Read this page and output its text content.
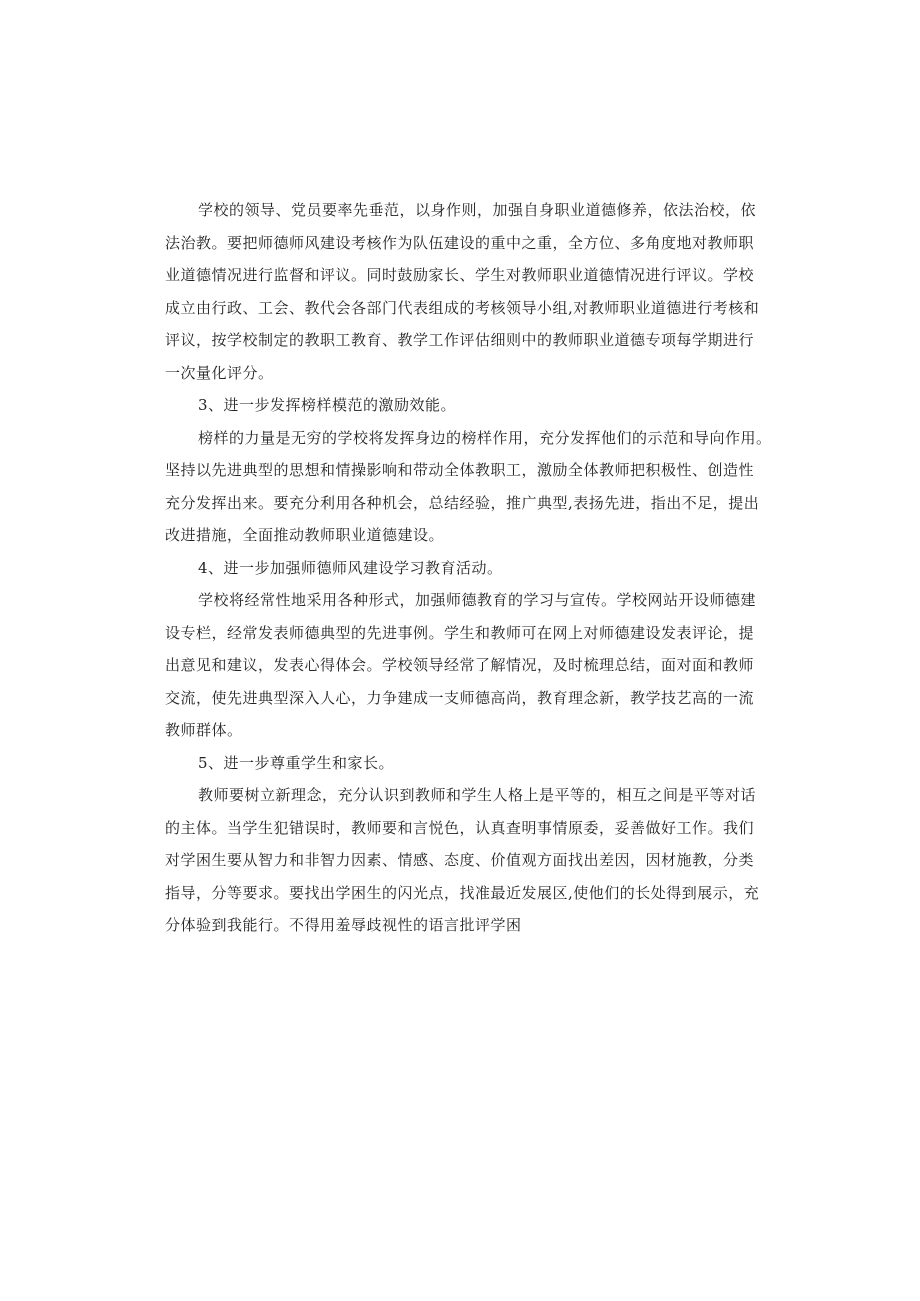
学校的领导、党员要率先垂范，以身作则，加强自身职业道德修养，依法治校，依
法治教。要把师德师风建设考核作为队伍建设的重中之重，全方位、多角度地对教师职
业道德情况进行监督和评议。同时鼓励家长、学生对教师职业道德情况进行评议。学校
成立由行政、工会、教代会各部门代表组成的考核领导小组,对教师职业道德进行考核和
评议，按学校制定的教职工教育、教学工作评估细则中的教师职业道德专项每学期进行
一次量化评分。
3、进一步发挥榜样模范的激励效能。
榜样的力量是无穷的学校将发挥身边的榜样作用，充分发挥他们的示范和导向作用。
坚持以先进典型的思想和情操影响和带动全体教职工，激励全体教师把积极性、创造性
充分发挥出来。要充分利用各种机会，总结经验，推广典型,表扬先进，指出不足，提出
改进措施，全面推动教师职业道德建设。
4、进一步加强师德师风建设学习教育活动。
学校将经常性地采用各种形式，加强师德教育的学习与宣传。学校网站开设师德建
设专栏，经常发表师德典型的先进事例。学生和教师可在网上对师德建设发表评论，提
出意见和建议，发表心得体会。学校领导经常了解情况，及时梳理总结，面对面和教师
交流，使先进典型深入人心，力争建成一支师德高尚，教育理念新，教学技艺高的一流
教师群体。
5、进一步尊重学生和家长。
教师要树立新理念，充分认识到教师和学生人格上是平等的，相互之间是平等对话
的主体。当学生犯错误时，教师要和言悦色，认真查明事情原委，妥善做好工作。我们
对学困生要从智力和非智力因素、情感、态度、价值观方面找出差因，因材施教，分类
指导，分等要求。要找出学困生的闪光点，找准最近发展区,使他们的长处得到展示，充
分体验到我能行。不得用羞辱歧视性的语言批评学困
